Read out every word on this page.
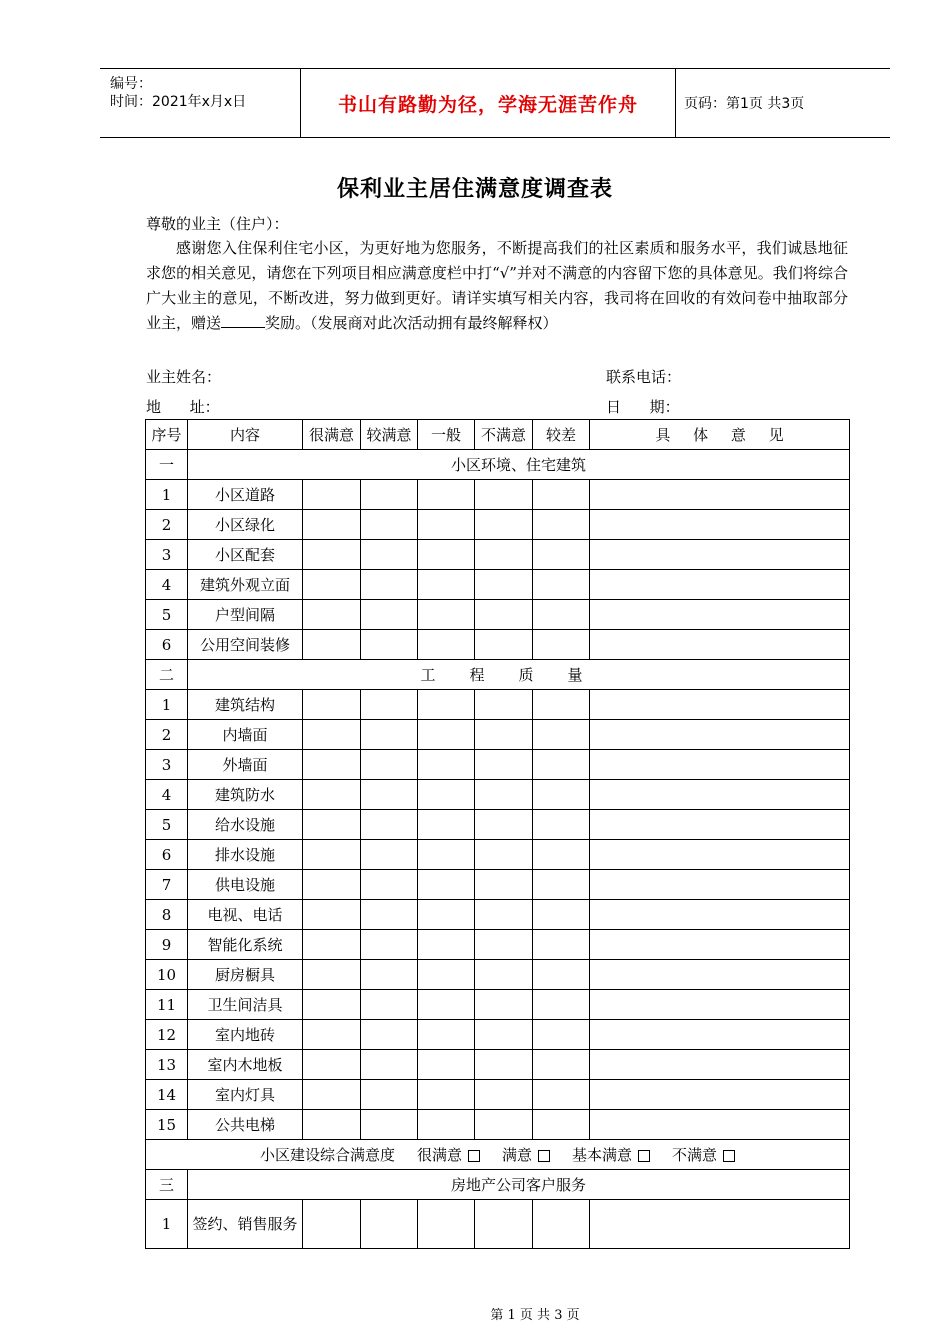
编号：
时间：2021年x月x日	书山有路勤为径，学海无涯苦作舟	页码：第1页 共3页
保利业主居住满意度调查表
尊敬的业主（住户）：
感谢您入住保利住宅小区，为更好地为您服务，不断提高我们的社区素质和服务水平，我们诚恳地征求您的相关意见，请您在下列项目相应满意度栏中打“√”并对不满意的内容留下您的具体意见。我们将综合广大业主的意见，不断改进，努力做到更好。请详实填写相关内容，我司将在回收的有效问卷中抽取部分业主，赠送	奖励。（发展商对此次活动拥有最终解释权）
业主姓名：	联系电话：
地      址：	日      期：
序号	内容	很满意	较满意	一般	不满意	较差	具 体 意 见
一	小区环境、住宅建筑						
1	小区道路						
2	小区绿化						
3	小区配套						
4	建筑外观立面						
5	户型间隔						
6	公用空间装修						
二	工程质量						
1	建筑结构						
2	内墙面						
3	外墙面						
4	建筑防水						
5	给水设施						
6	排水设施						
7	供电设施						
8	电视、电话						
9	智能化系统						
10	厨房橱具						
11	卫生间洁具						
12	室内地砖						
13	室内木地板						
14	室内灯具						
15	公共电梯						
小区建设综合满意度 很满意 满意 基本满意 不满意							
三	房地产公司客户服务						
1	签约、销售服务						
第 1 页 共 3 页
